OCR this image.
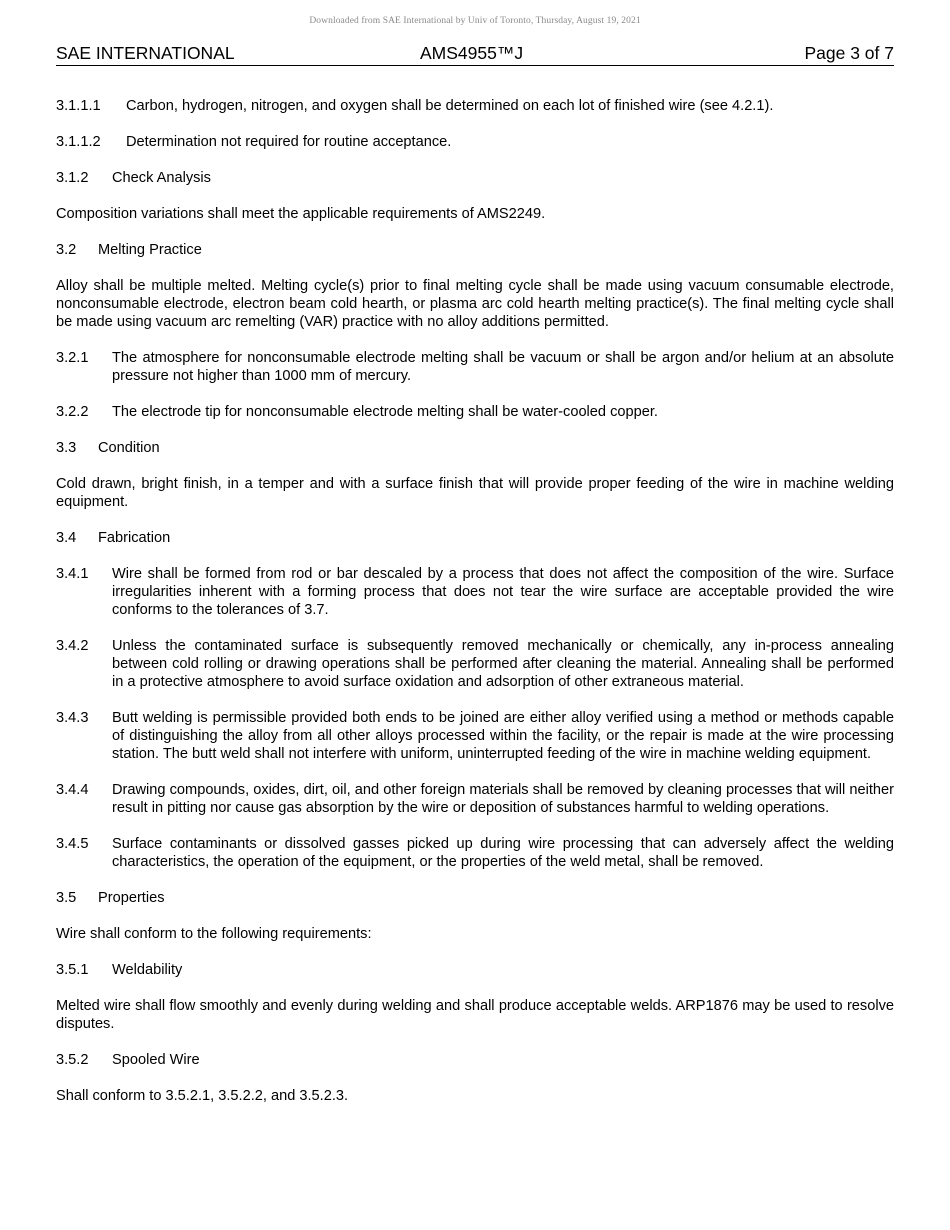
Downloaded from SAE International by Univ of Toronto, Thursday, August 19, 2021
SAE INTERNATIONAL	AMS4955™J	Page 3 of 7
3.1.1.1	Carbon, hydrogen, nitrogen, and oxygen shall be determined on each lot of finished wire (see 4.2.1).
3.1.1.2	Determination not required for routine acceptance.
3.1.2	Check Analysis
Composition variations shall meet the applicable requirements of AMS2249.
3.2	Melting Practice
Alloy shall be multiple melted. Melting cycle(s) prior to final melting cycle shall be made using vacuum consumable electrode, nonconsumable electrode, electron beam cold hearth, or plasma arc cold hearth melting practice(s). The final melting cycle shall be made using vacuum arc remelting (VAR) practice with no alloy additions permitted.
3.2.1	The atmosphere for nonconsumable electrode melting shall be vacuum or shall be argon and/or helium at an absolute pressure not higher than 1000 mm of mercury.
3.2.2	The electrode tip for nonconsumable electrode melting shall be water-cooled copper.
3.3	Condition
Cold drawn, bright finish, in a temper and with a surface finish that will provide proper feeding of the wire in machine welding equipment.
3.4	Fabrication
3.4.1	Wire shall be formed from rod or bar descaled by a process that does not affect the composition of the wire. Surface irregularities inherent with a forming process that does not tear the wire surface are acceptable provided the wire conforms to the tolerances of 3.7.
3.4.2	Unless the contaminated surface is subsequently removed mechanically or chemically, any in-process annealing between cold rolling or drawing operations shall be performed after cleaning the material. Annealing shall be performed in a protective atmosphere to avoid surface oxidation and adsorption of other extraneous material.
3.4.3	Butt welding is permissible provided both ends to be joined are either alloy verified using a method or methods capable of distinguishing the alloy from all other alloys processed within the facility, or the repair is made at the wire processing station. The butt weld shall not interfere with uniform, uninterrupted feeding of the wire in machine welding equipment.
3.4.4	Drawing compounds, oxides, dirt, oil, and other foreign materials shall be removed by cleaning processes that will neither result in pitting nor cause gas absorption by the wire or deposition of substances harmful to welding operations.
3.4.5	Surface contaminants or dissolved gasses picked up during wire processing that can adversely affect the welding characteristics, the operation of the equipment, or the properties of the weld metal, shall be removed.
3.5	Properties
Wire shall conform to the following requirements:
3.5.1	Weldability
Melted wire shall flow smoothly and evenly during welding and shall produce acceptable welds. ARP1876 may be used to resolve disputes.
3.5.2	Spooled Wire
Shall conform to 3.5.2.1, 3.5.2.2, and 3.5.2.3.
